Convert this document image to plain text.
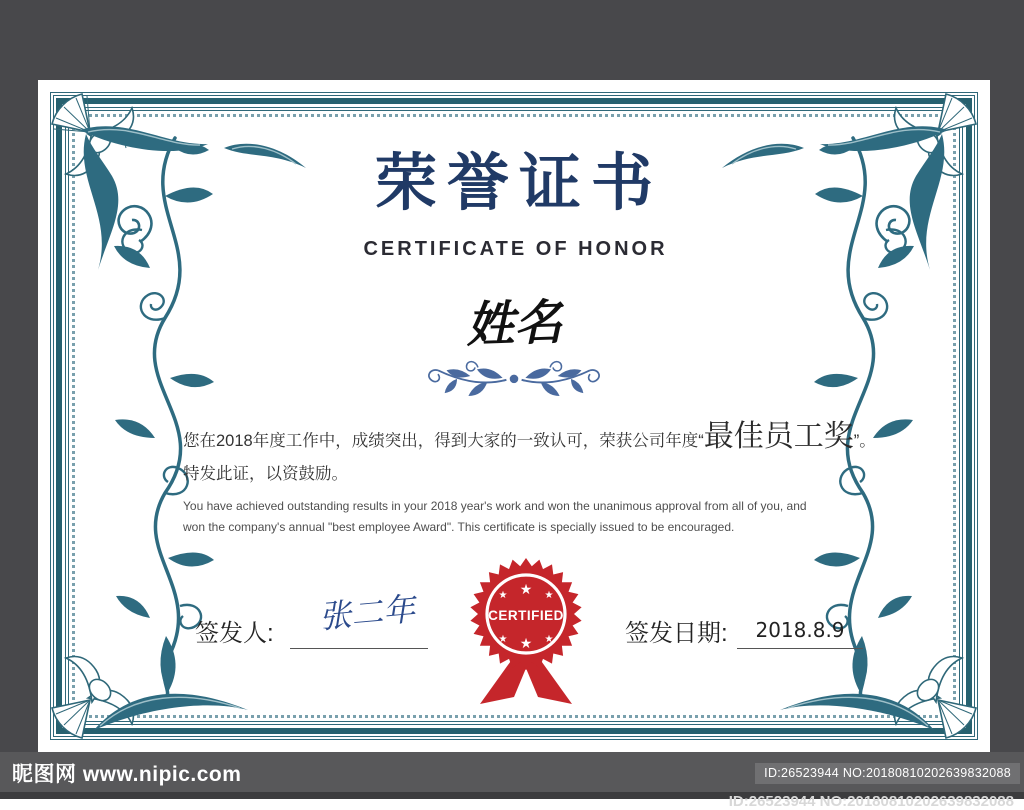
荣誉证书
CERTIFICATE OF HONOR
姓名

您在2018年度工作中，成绩突出，得到大家的一致认可，荣获公司年度“最佳员工奖”。

特发此证，以资鼓励。

You have achieved outstanding results in your 2018 year's work and won the unanimous approval from all of you, and won the company's annual "best employee Award". This certificate is specially issued to be encouraged.

★ ★ ★
CERTIFIED
★ ★ ★
签发人:	张二年	签发日期:	2018.8.9
昵图网 www.nipic.com	ID:26523944 NO:20180810202639832088
ID:26523944 NO:20180810202639832088
